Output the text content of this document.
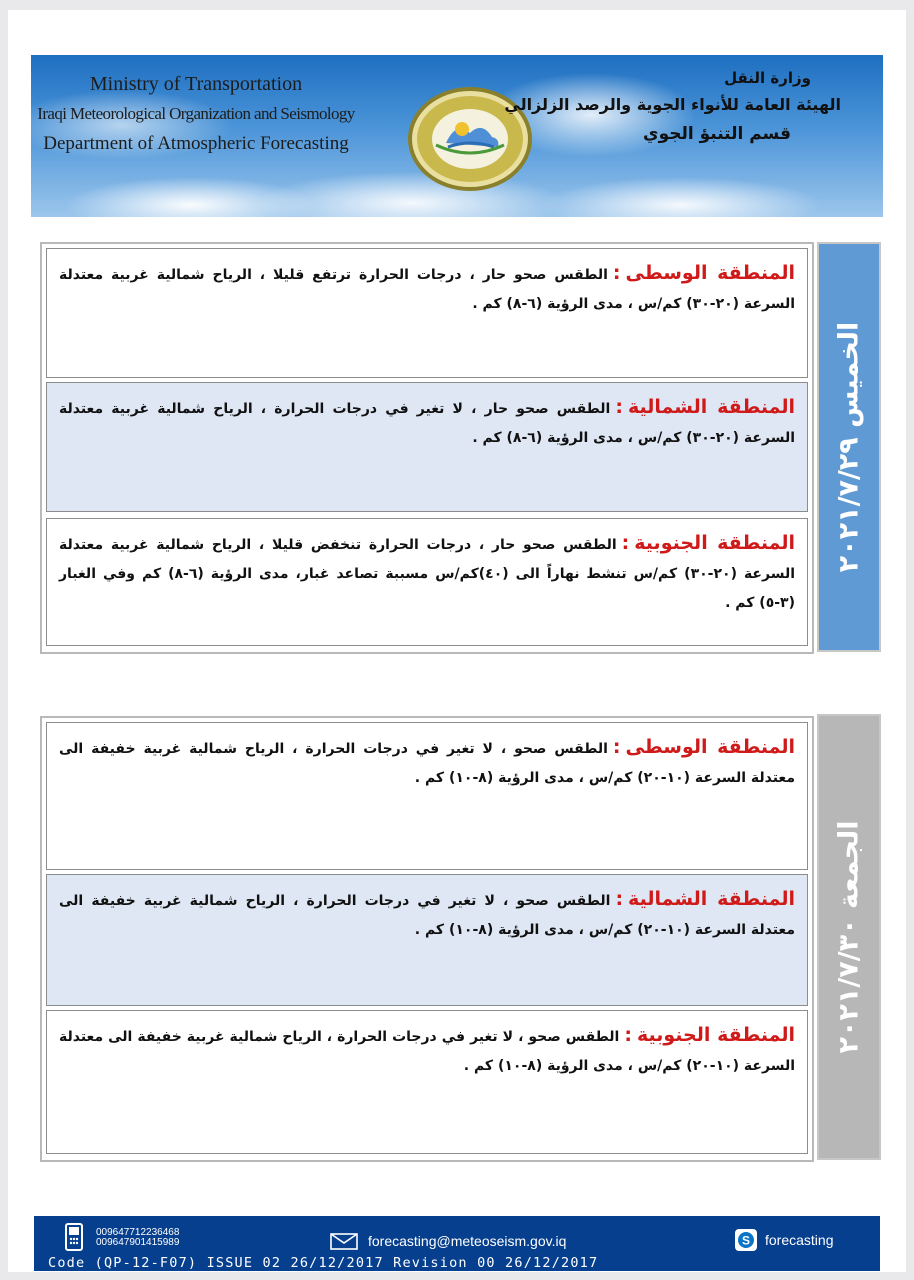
Ministry of Transportation
Iraqi Meteorological Organization and Seismology
Department of Atmospheric Forecasting
وزارة النقل
الهيئة العامة للأنواء الجوية والرصد الزلزالي
قسم التنبؤ الجوي
المنطقة الوسطى:الطقس صحو حار ، درجات الحرارة ترتفع قليلا ، الرياح شمالية غربية معتدلة السرعة (٢٠-٣٠) كم/س ، مدى الرؤية (٦-٨) كم .
المنطقة الشمالية:الطقس صحو حار ، لا تغير في درجات الحرارة ، الرياح شمالية غربية معتدلة السرعة (٢٠-٣٠) كم/س ، مدى الرؤية (٦-٨) كم .
المنطقة الجنوبية:الطقس صحو حار ، درجات الحرارة تنخفض قليلا ، الرياح شمالية غربية معتدلة السرعة (٢٠-٣٠) كم/س تنشط نهاراً الى (٤٠)كم/س مسببة تصاعد غبار، مدى الرؤية (٦-٨) كم وفي الغبار (٣-٥) كم .
الخميس ٢٠٢١/٧/٢٩
المنطقة الوسطى:الطقس صحو ، لا تغير في درجات الحرارة ، الرياح شمالية غربية خفيفة الى معتدلة السرعة (١٠-٢٠) كم/س ، مدى الرؤية (٨-١٠) كم .
المنطقة الشمالية:الطقس صحو ، لا تغير في درجات الحرارة ، الرياح شمالية غربية خفيفة الى معتدلة السرعة (١٠-٢٠) كم/س ، مدى الرؤية (٨-١٠) كم .
المنطقة الجنوبية:الطقس صحو ، لا تغير في درجات الحرارة ، الرياح شمالية غربية خفيفة الى معتدلة السرعة (١٠-٢٠) كم/س ، مدى الرؤية (٨-١٠) كم .
الجمعة ٢٠٢١/٧/٣٠
009647712236468
009647901415989	forecasting@meteoseism.gov.iq	S forecasting
Code (QP-12-F07) ISSUE 02 26/12/2017 Revision 00 26/12/2017
